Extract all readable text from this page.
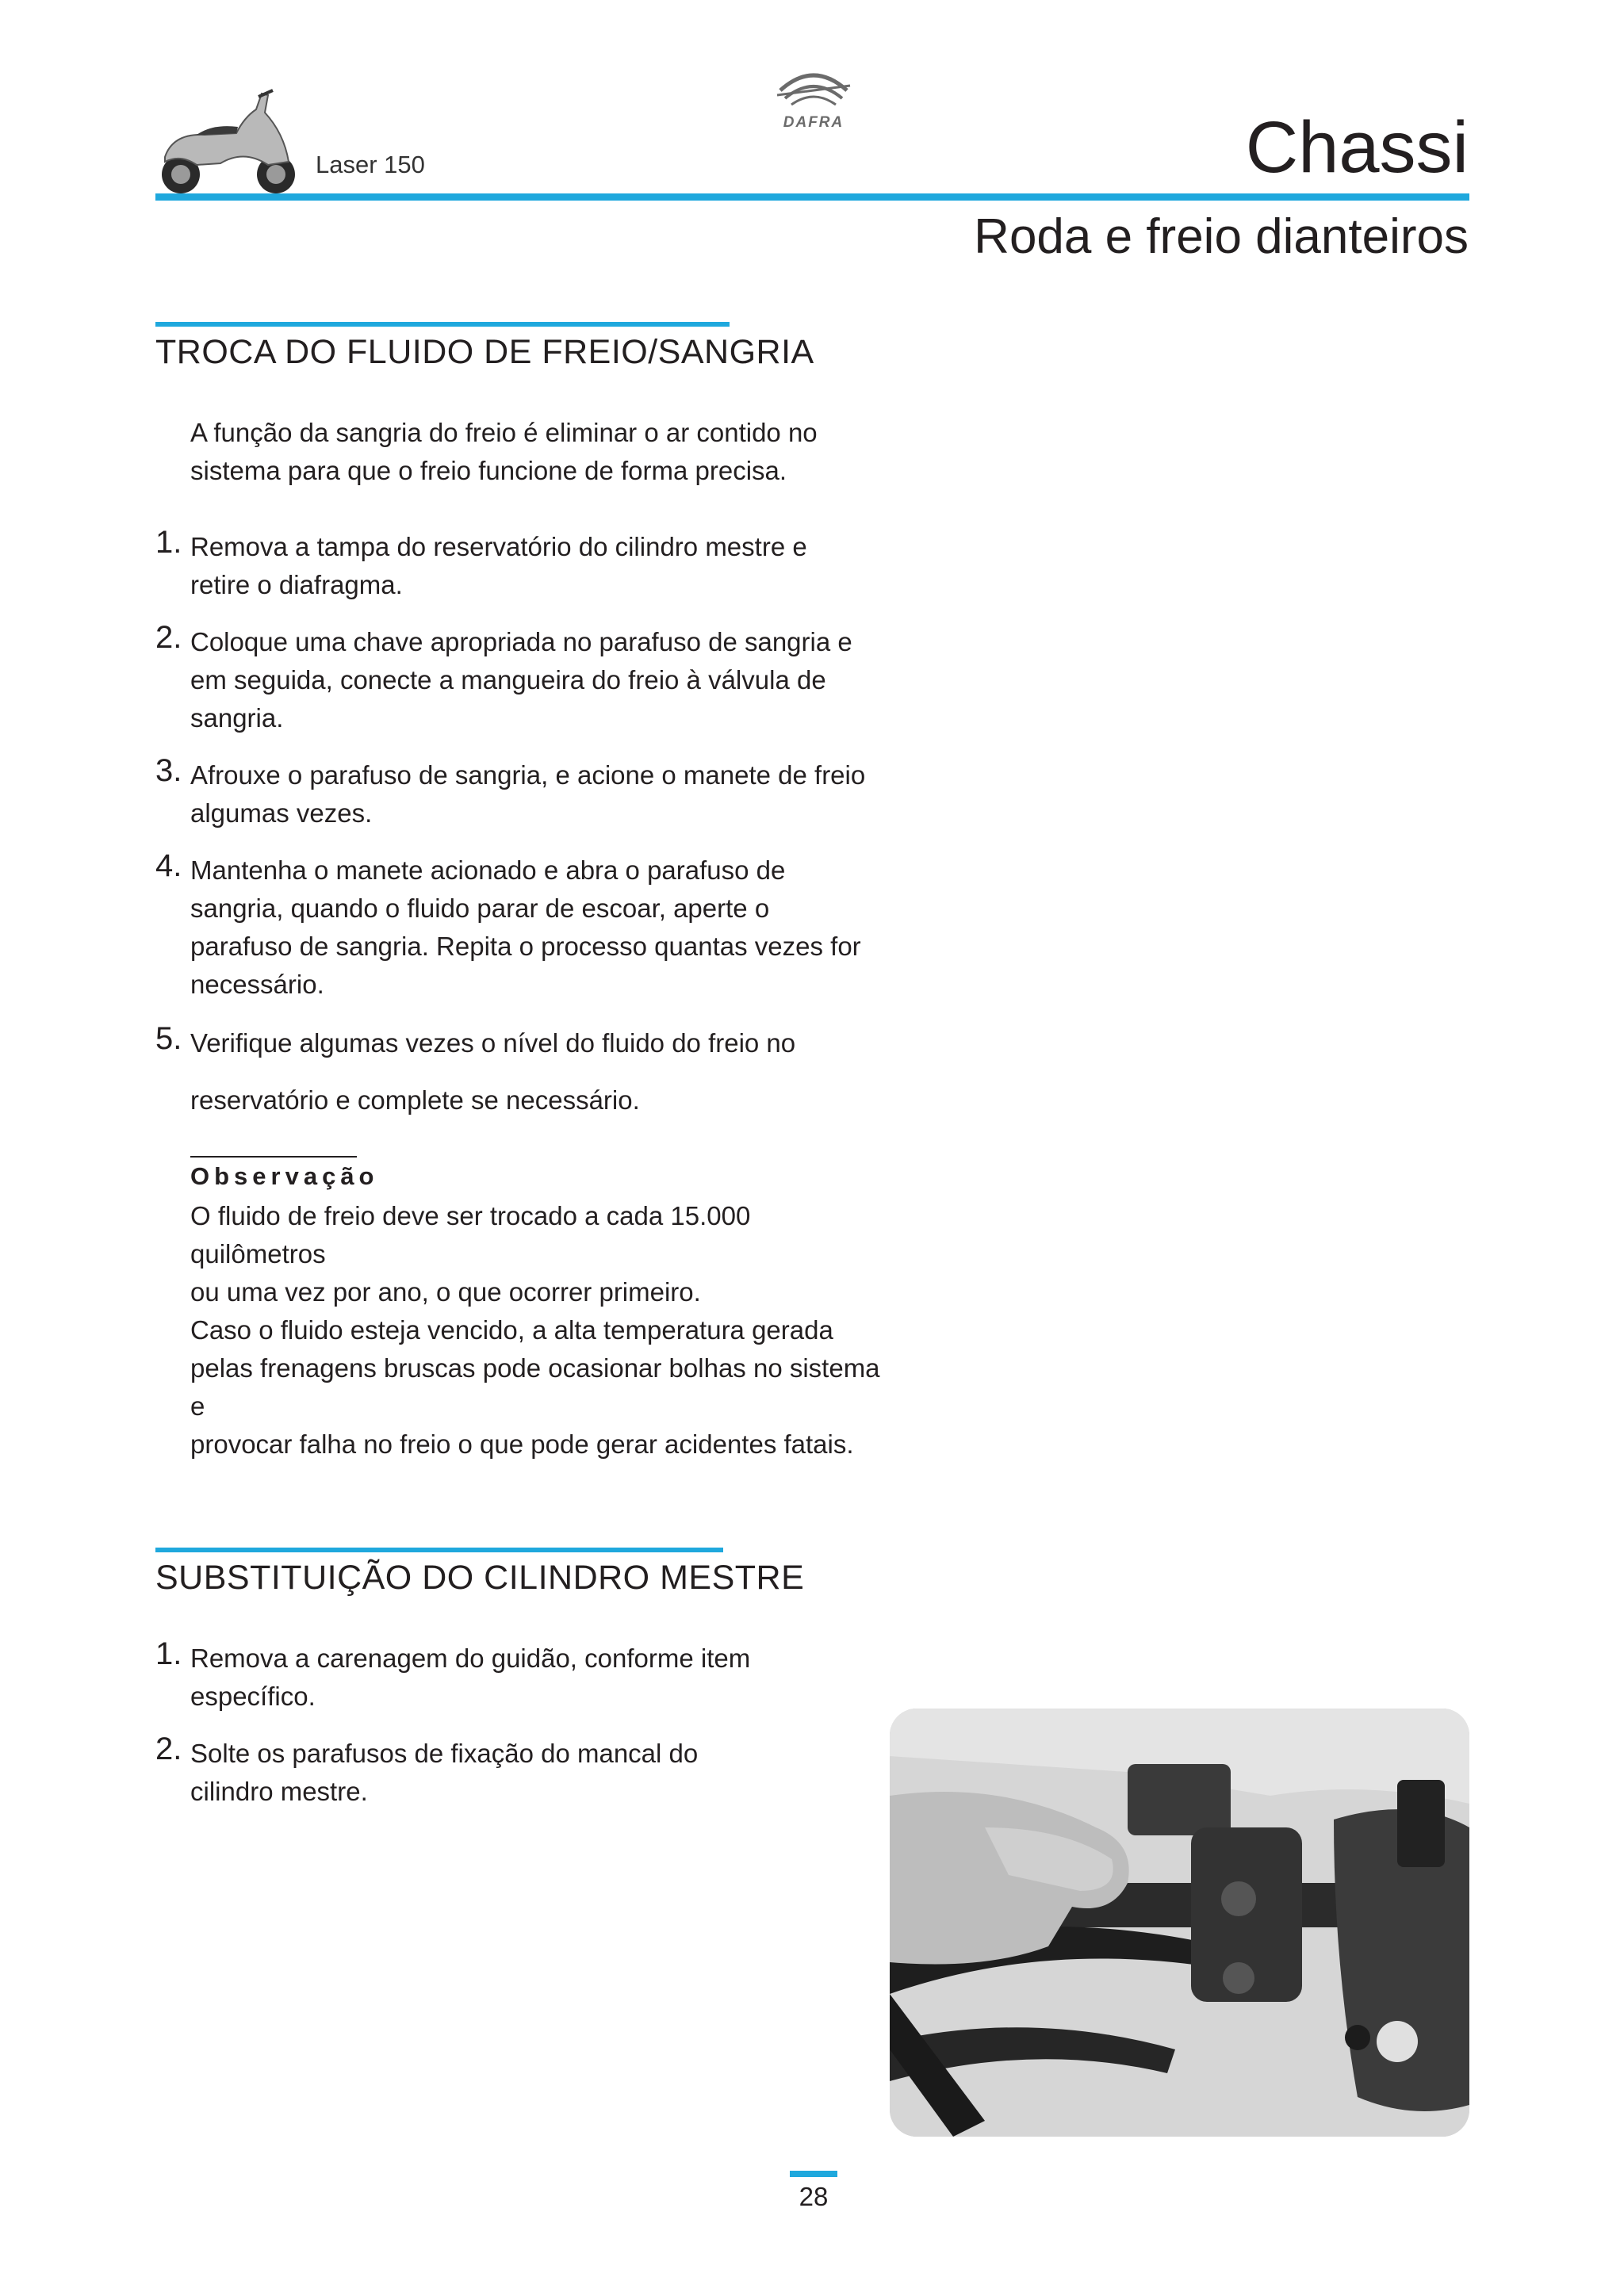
Laser 150
DAFRA	Chassi
Roda e freio dianteiros
TROCA DO FLUIDO DE FREIO/SANGRIA
A função da sangria do freio é eliminar o ar contido no sistema para que o freio funcione de forma precisa.
1. Remova a tampa do reservatório do cilindro mestre e retire o diafragma.
2. Coloque uma chave apropriada no parafuso de sangria e em seguida, conecte a mangueira do freio à válvula de sangria.
3. Afrouxe o parafuso de sangria, e acione o manete de freio algumas vezes.
4. Mantenha o manete acionado e abra o parafuso de sangria, quando o fluido parar de escoar, aperte o parafuso de sangria. Repita o processo quantas vezes for necessário.
5. Verifique algumas vezes o nível do fluido do freio no
reservatório e complete se necessário.
Observação
O fluido de freio deve ser trocado a cada 15.000 quilômetros
ou uma vez por ano, o que ocorrer primeiro.
Caso o fluido esteja vencido, a alta temperatura gerada
pelas frenagens bruscas pode ocasionar bolhas no sistema e
provocar falha no freio o que pode gerar acidentes fatais.
SUBSTITUIÇÃO DO CILINDRO MESTRE
1. Remova a carenagem do guidão, conforme item específico.
2. Solte os parafusos de fixação do mancal do cilindro mestre.
28
